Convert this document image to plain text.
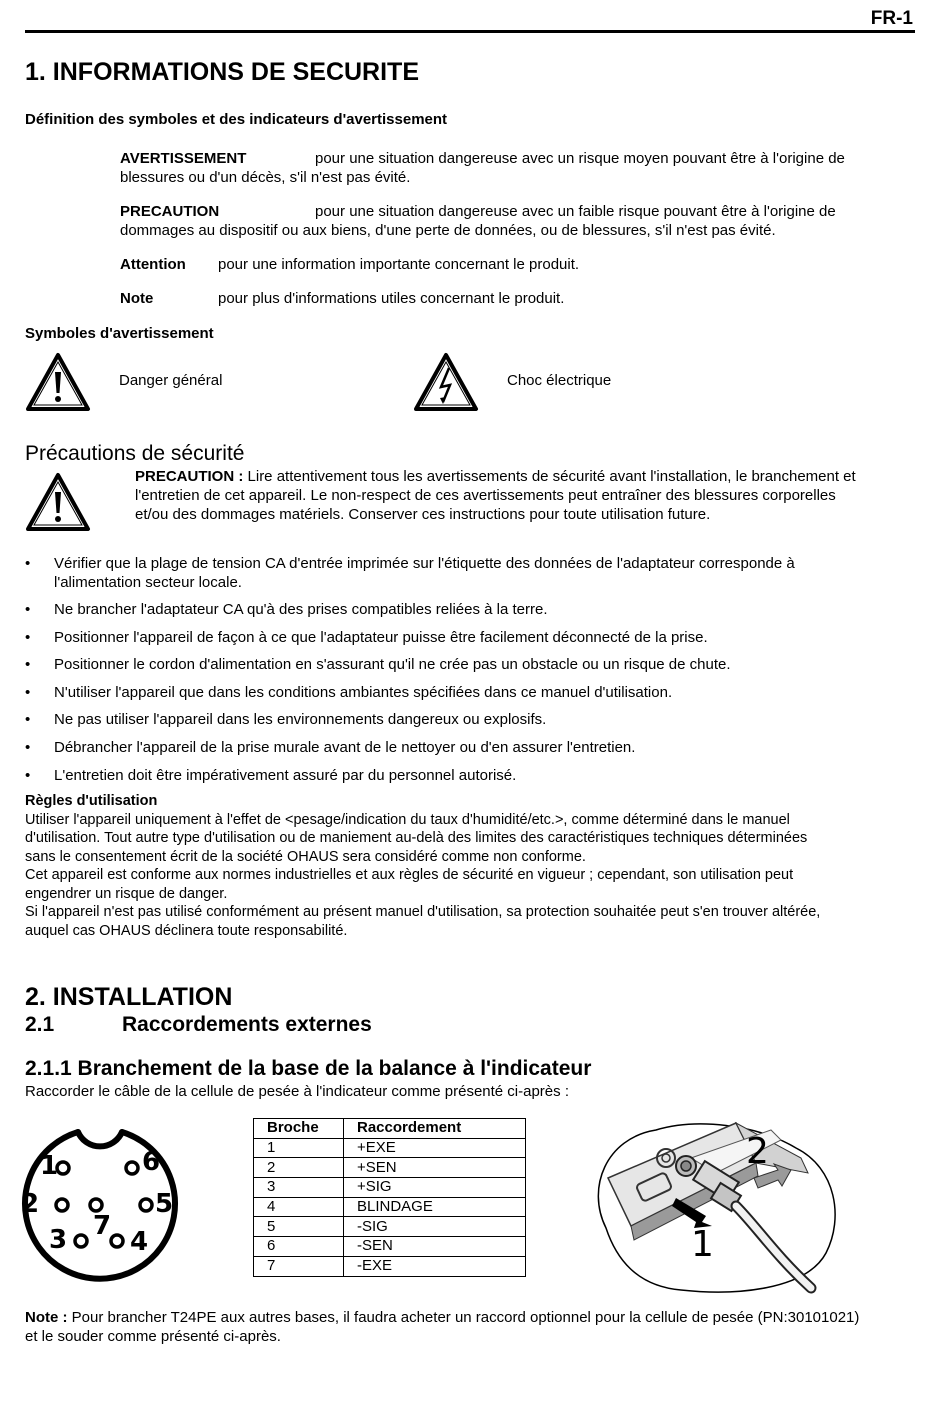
FR-1
1. INFORMATIONS DE SECURITE
Définition des symboles et des indicateurs d'avertissement
AVERTISSEMENT	pour une situation dangereuse avec un risque moyen pouvant être à l'origine de
blessures ou d'un décès, s'il n'est pas évité.
PRECAUTION	pour une situation dangereuse avec un faible risque pouvant être à l'origine de
dommages au dispositif ou aux biens, d'une perte de données, ou de blessures, s'il n'est pas évité.
Attention pour une information importante concernant le produit.
Note	pour plus d'informations utiles concernant le produit.
Symboles d'avertissement
Danger général	Choc électrique
Précautions de sécurité
PRECAUTION : Lire attentivement tous les avertissements de sécurité avant l'installation, le branchement et
l'entretien de cet appareil. Le non-respect de ces avertissements peut entraîner des blessures corporelles
et/ou des dommages matériels. Conserver ces instructions pour toute utilisation future.
• Vérifier que la plage de tension CA d'entrée imprimée sur l'étiquette des données de l'adaptateur corresponde à
l'alimentation secteur locale.
• Ne brancher l'adaptateur CA qu'à des prises compatibles reliées à la terre.
• Positionner l'appareil de façon à ce que l'adaptateur puisse être facilement déconnecté de la prise.
• Positionner le cordon d'alimentation en s'assurant qu'il ne crée pas un obstacle ou un risque de chute.
• N'utiliser l'appareil que dans les conditions ambiantes spécifiées dans ce manuel d'utilisation.
• Ne pas utiliser l'appareil dans les environnements dangereux ou explosifs.
• Débrancher l'appareil de la prise murale avant de le nettoyer ou d'en assurer l'entretien.
• L'entretien doit être impérativement assuré par du personnel autorisé.
Règles d'utilisation
Utiliser l'appareil uniquement à l'effet de <pesage/indication du taux d'humidité/etc.>, comme déterminé dans le manuel
d'utilisation. Tout autre type d'utilisation ou de maniement au-delà des limites des caractéristiques techniques déterminées
sans le consentement écrit de la société OHAUS sera considéré comme non conforme.
Cet appareil est conforme aux normes industrielles et aux règles de sécurité en vigueur ; cependant, son utilisation peut
engendrer un risque de danger.
Si l'appareil n'est pas utilisé conformément au présent manuel d'utilisation, sa protection souhaitée peut s'en trouver altérée,
auquel cas OHAUS déclinera toute responsabilité.
2. INSTALLATION
2.1	Raccordements externes
2.1.1 Branchement de la base de la balance à l'indicateur
Raccorder le câble de la cellule de pesée à l'indicateur comme présenté ci-après :
1
2
3 4
5
6
7
Broche	Raccordement
1	+EXE
2	+SEN
3	+SIG
4	BLINDAGE
5	-SIG
6	-SEN
7	-EXE
1
2
Note : Pour brancher T24PE aux autres bases, il faudra acheter un raccord optionnel pour la cellule de pesée (PN:30101021)
et le souder comme présenté ci-après.
